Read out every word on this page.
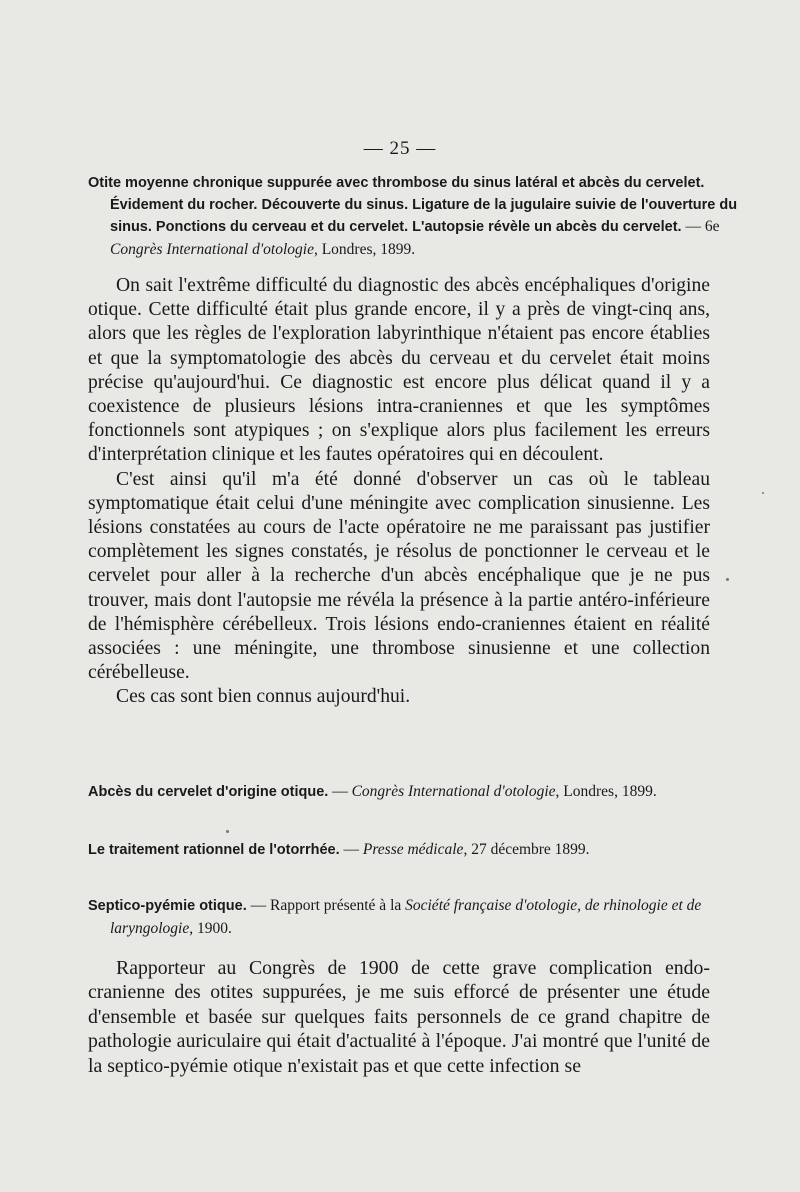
— 25 —
Otite moyenne chronique suppurée avec thrombose du sinus latéral et abcès du cervelet. Évidement du rocher. Découverte du sinus. Ligature de la jugulaire suivie de l'ouverture du sinus. Ponctions du cerveau et du cervelet. L'autopsie révèle un abcès du cervelet. — 6e Congrès International d'otologie, Londres, 1899.

On sait l'extrême difficulté du diagnostic des abcès encéphaliques d'origine otique. Cette difficulté était plus grande encore, il y a près de vingt-cinq ans, alors que les règles de l'exploration labyrinthique n'étaient pas encore établies et que la symptomatologie des abcès du cerveau et du cervelet était moins précise qu'aujourd'hui. Ce diagnostic est encore plus délicat quand il y a coexistence de plusieurs lésions intra-craniennes et que les symptômes fonctionnels sont atypiques ; on s'explique alors plus facilement les erreurs d'interprétation clinique et les fautes opératoires qui en découlent.

C'est ainsi qu'il m'a été donné d'observer un cas où le tableau symptomatique était celui d'une méningite avec complication sinusienne. Les lésions constatées au cours de l'acte opératoire ne me paraissant pas justifier complètement les signes constatés, je résolus de ponctionner le cerveau et le cervelet pour aller à la recherche d'un abcès encéphalique que je ne pus trouver, mais dont l'autopsie me révéla la présence à la partie antéro-inférieure de l'hémisphère cérébelleux. Trois lésions endo-craniennes étaient en réalité associées : une méningite, une thrombose sinusienne et une collection cérébelleuse.

Ces cas sont bien connus aujourd'hui.

Abcès du cervelet d'origine otique. — Congrès International d'otologie, Londres, 1899.
Le traitement rationnel de l'otorrhée. — Presse médicale, 27 décembre 1899.
Septico-pyémie otique. — Rapport présenté à la Société française d'otologie, de rhinologie et de laryngologie, 1900.

Rapporteur au Congrès de 1900 de cette grave complication endo-cranienne des otites suppurées, je me suis efforcé de présenter une étude d'ensemble et basée sur quelques faits personnels de ce grand chapitre de pathologie auriculaire qui était d'actualité à l'époque. J'ai montré que l'unité de la septico-pyémie otique n'existait pas et que cette infection se
